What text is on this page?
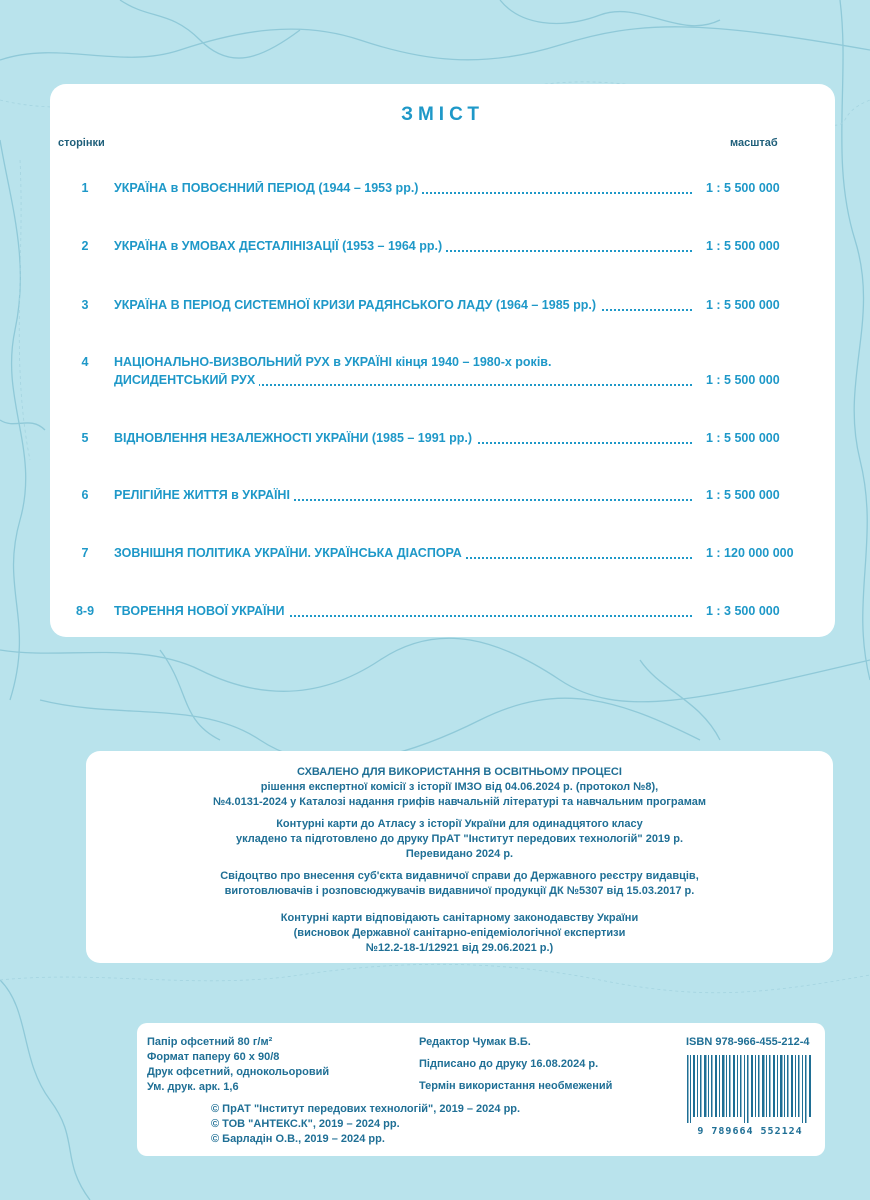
ЗМІСТ
сторінки	масштаб
1	УКРАЇНА в ПОВОЄННИЙ ПЕРІОД (1944 – 1953 рр.)	1 : 5 500 000
2	УКРАЇНА в УМОВАХ ДЕСТАЛІНІЗАЦІЇ (1953 – 1964 рр.)	1 : 5 500 000
3	УКРАЇНА В ПЕРІОД СИСТЕМНОЇ КРИЗИ РАДЯНСЬКОГО ЛАДУ (1964 – 1985 рр.)	1 : 5 500 000
4	НАЦІОНАЛЬНО-ВИЗВОЛЬНИЙ РУХ в УКРАЇНІ кінця 1940 – 1980-х років.
ДИСИДЕНТСЬКИЙ РУХ	1 : 5 500 000
5	ВІДНОВЛЕННЯ НЕЗАЛЕЖНОСТІ УКРАЇНИ (1985 – 1991 рр.)	1 : 5 500 000
6	РЕЛІГІЙНЕ ЖИТТЯ в УКРАЇНІ	1 : 5 500 000
7	ЗОВНІШНЯ ПОЛІТИКА УКРАЇНИ. УКРАЇНСЬКА ДІАСПОРА	1 : 120 000 000
8-9	ТВОРЕННЯ НОВОЇ УКРАЇНИ	1 : 3 500 000
СХВАЛЕНО ДЛЯ ВИКОРИСТАННЯ В ОСВІТНЬОМУ ПРОЦЕСІ
рішення експертної комісії з історії ІМЗО від 04.06.2024 р. (протокол №8),
№4.0131-2024 у Каталозі надання грифів навчальній літературі та навчальним програмам
Контурні карти до Атласу з історії України для одинадцятого класу
укладено та підготовлено до друку ПрАТ "Інститут передових технологій" 2019 р.
Перевидано 2024 р.
Свідоцтво про внесення суб'єкта видавничої справи до Державного реєстру видавців,
виготовлювачів і розповсюджувачів видавничої продукції ДК №5307 від 15.03.2017 р.
Контурні карти відповідають санітарному законодавству України
(висновок Державної санітарно-епідеміологічної експертизи
№12.2-18-1/12921 від 29.06.2021 р.)
Папір офсетний 80 г/м²
Формат паперу 60 х 90/8
Друк офсетний, однокольоровий
Ум. друк. арк. 1,6
Редактор Чумак В.Б.
Підписано до друку 16.08.2024 р.
Термін використання необмежений
ISBN 978-966-455-212-4
9 789664 552124
© ПрАТ "Інститут передових технологій", 2019 – 2024 рр.
© ТОВ "АНТЕКС.К", 2019 – 2024 рр.
© Барладін О.В., 2019 – 2024 рр.
